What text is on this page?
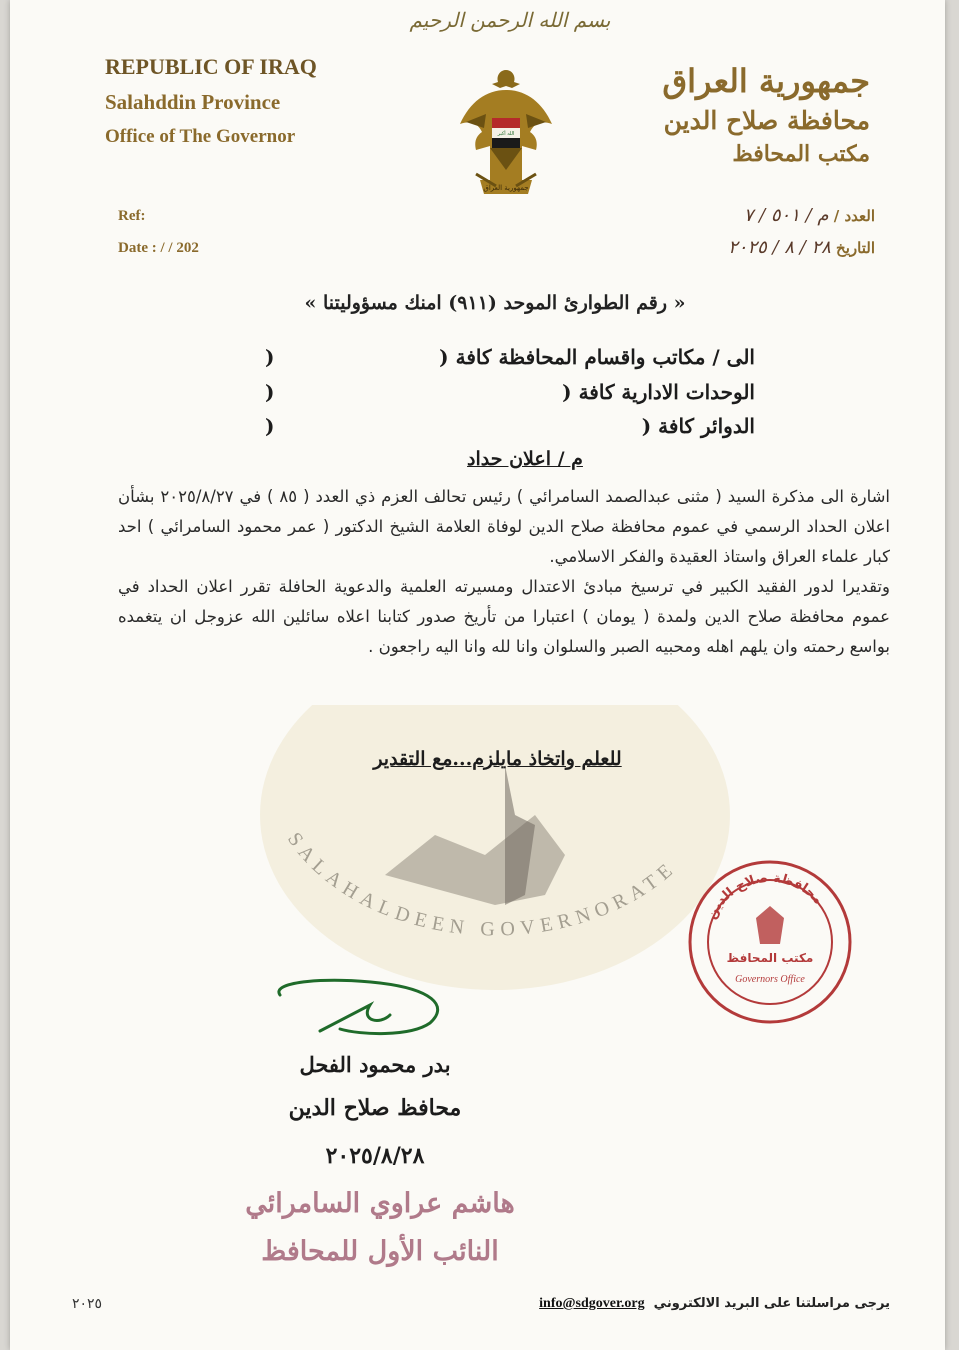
REPUBLIC OF IRAQ
Salahddin Province
Office of The Governor
Ref:
Date : / / 202
بسم الله الرحمن الرحيم
الله أكبر
جمهورية العراق
جمهورية العراق
محافظة صلاح الدين
مكتب المحافظ
العدد / م / ٥٠١ / ٧
التاريخ ٢٨ / ٨ / ٢٠٢٥
« رقم الطوارئ الموحد (٩١١) امنك مسؤوليتنا »
الى / مكاتب واقسام المحافظة كافة (
)
الوحدات الادارية كافة (
)
الدوائر كافة (
)
م / اعلان حداد
SALAHALDEEN GOVERNORATE

اشارة الى مذكرة السيد ( مثنى عبدالصمد السامرائي ) رئيس تحالف العزم ذي العدد ( ٨٥ ) في ٢٠٢٥/٨/٢٧ بشأن اعلان الحداد الرسمي في عموم محافظة صلاح الدين لوفاة العلامة الشيخ الدكتور ( عمر محمود السامرائي ) احد كبار علماء العراق واستاذ العقيدة والفكر الاسلامي.

وتقديرا لدور الفقيد الكبير في ترسيخ مبادئ الاعتدال ومسيرته العلمية والدعوية الحافلة تقرر اعلان الحداد في عموم محافظة صلاح الدين ولمدة ( يومان ) اعتبارا من تأريخ صدور كتابنا اعلاه سائلين الله عزوجل ان يتغمده بواسع رحمته وان يلهم اهله ومحبيه الصبر والسلوان وانا لله وانا اليه راجعون .

للعلم واتخاذ مايلزم...مع التقدير
محافظة صلاح الدين
مكتب المحافظ
Governors Office
بدر محمود الفحل
محافظ صلاح الدين
٢٠٢٥/٨/٢٨
هاشم عراوي السامرائي
النائب الأول للمحافظ
يرجى مراسلتنا على البريد الالكتروني  info@sdgover.org
٢٠٢٥
